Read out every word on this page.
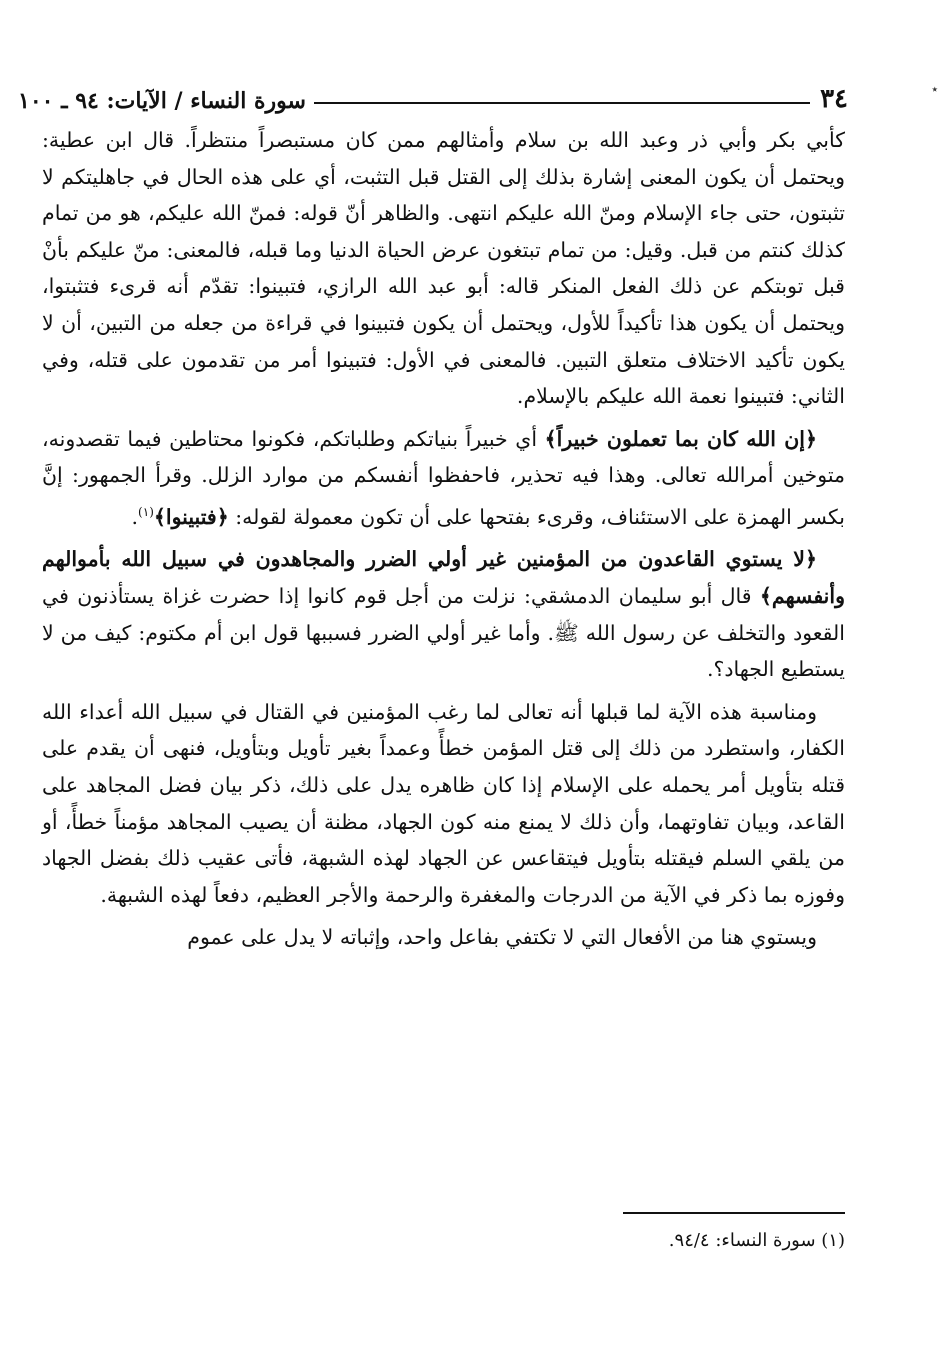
٣٤
سورة النساء / الآيات: ٩٤ ـ ١٠٠	٭

كأبي بكر وأبي ذر وعبد الله بن سلام وأمثالهم ممن كان مستبصراً منتظراً. قال ابن عطية: ويحتمل أن يكون المعنى إشارة بذلك إلى القتل قبل التثبت، أي على هذه الحال في جاهليتكم لا تثبتون، حتى جاء الإسلام ومنّ الله عليكم انتهى. والظاهر أنّ قوله: فمنّ الله عليكم، هو من تمام كذلك كنتم من قبل. وقيل: من تمام تبتغون عرض الحياة الدنيا وما قبله، فالمعنى: منّ عليكم بأنْ قبل توبتكم عن ذلك الفعل المنكر قاله: أبو عبد الله الرازي، فتبينوا: تقدّم أنه قرىء فتثبتوا، ويحتمل أن يكون هذا تأكيداً للأول، ويحتمل أن يكون فتبينوا في قراءة من جعله من التبين، أن لا يكون تأكيد الاختلاف متعلق التبين. فالمعنى في الأول: فتبينوا أمر من تقدمون على قتله، وفي الثاني: فتبينوا نعمة الله عليكم بالإسلام.

﴿إن الله كان بما تعملون خبيراً﴾ أي خبيراً بنياتكم وطلباتكم، فكونوا محتاطين فيما تقصدونه، متوخين أمرالله تعالى. وهذا فيه تحذير، فاحفظوا أنفسكم من موارد الزلل. وقرأ الجمهور: إنَّ بكسر الهمزة على الاستئناف، وقرىء بفتحها على أن تكون معمولة لقوله: ﴿فتبينوا﴾$^{(١)}$.

﴿لا يستوي القاعدون من المؤمنين غير أولي الضرر والمجاهدون في سبيل الله بأموالهم وأنفسهم﴾ قال أبو سليمان الدمشقي: نزلت من أجل قوم كانوا إذا حضرت غزاة يستأذنون في القعود والتخلف عن رسول الله ﷺ. وأما غير أولي الضرر فسببها قول ابن أم مكتوم: كيف من لا يستطيع الجهاد؟.

ومناسبة هذه الآية لما قبلها أنه تعالى لما رغب المؤمنين في القتال في سبيل الله أعداء الله الكفار، واستطرد من ذلك إلى قتل المؤمن خطأً وعمداً بغير تأويل وبتأويل، فنهى أن يقدم على قتله بتأويل أمر يحمله على الإسلام إذا كان ظاهره يدل على ذلك، ذكر بيان فضل المجاهد على القاعد، وبيان تفاوتهما، وأن ذلك لا يمنع منه كون الجهاد، مظنة أن يصيب المجاهد مؤمناً خطأً، أو من يلقي السلم فيقتله بتأويل فيتقاعس عن الجهاد لهذه الشبهة، فأتى عقيب ذلك بفضل الجهاد وفوزه بما ذكر في الآية من الدرجات والمغفرة والرحمة والأجر العظيم، دفعاً لهذه الشبهة.

ويستوي هنا من الأفعال التي لا تكتفي بفاعل واحد، وإثباته لا يدل على عموم

(١) سورة النساء: ٩٤/٤.
